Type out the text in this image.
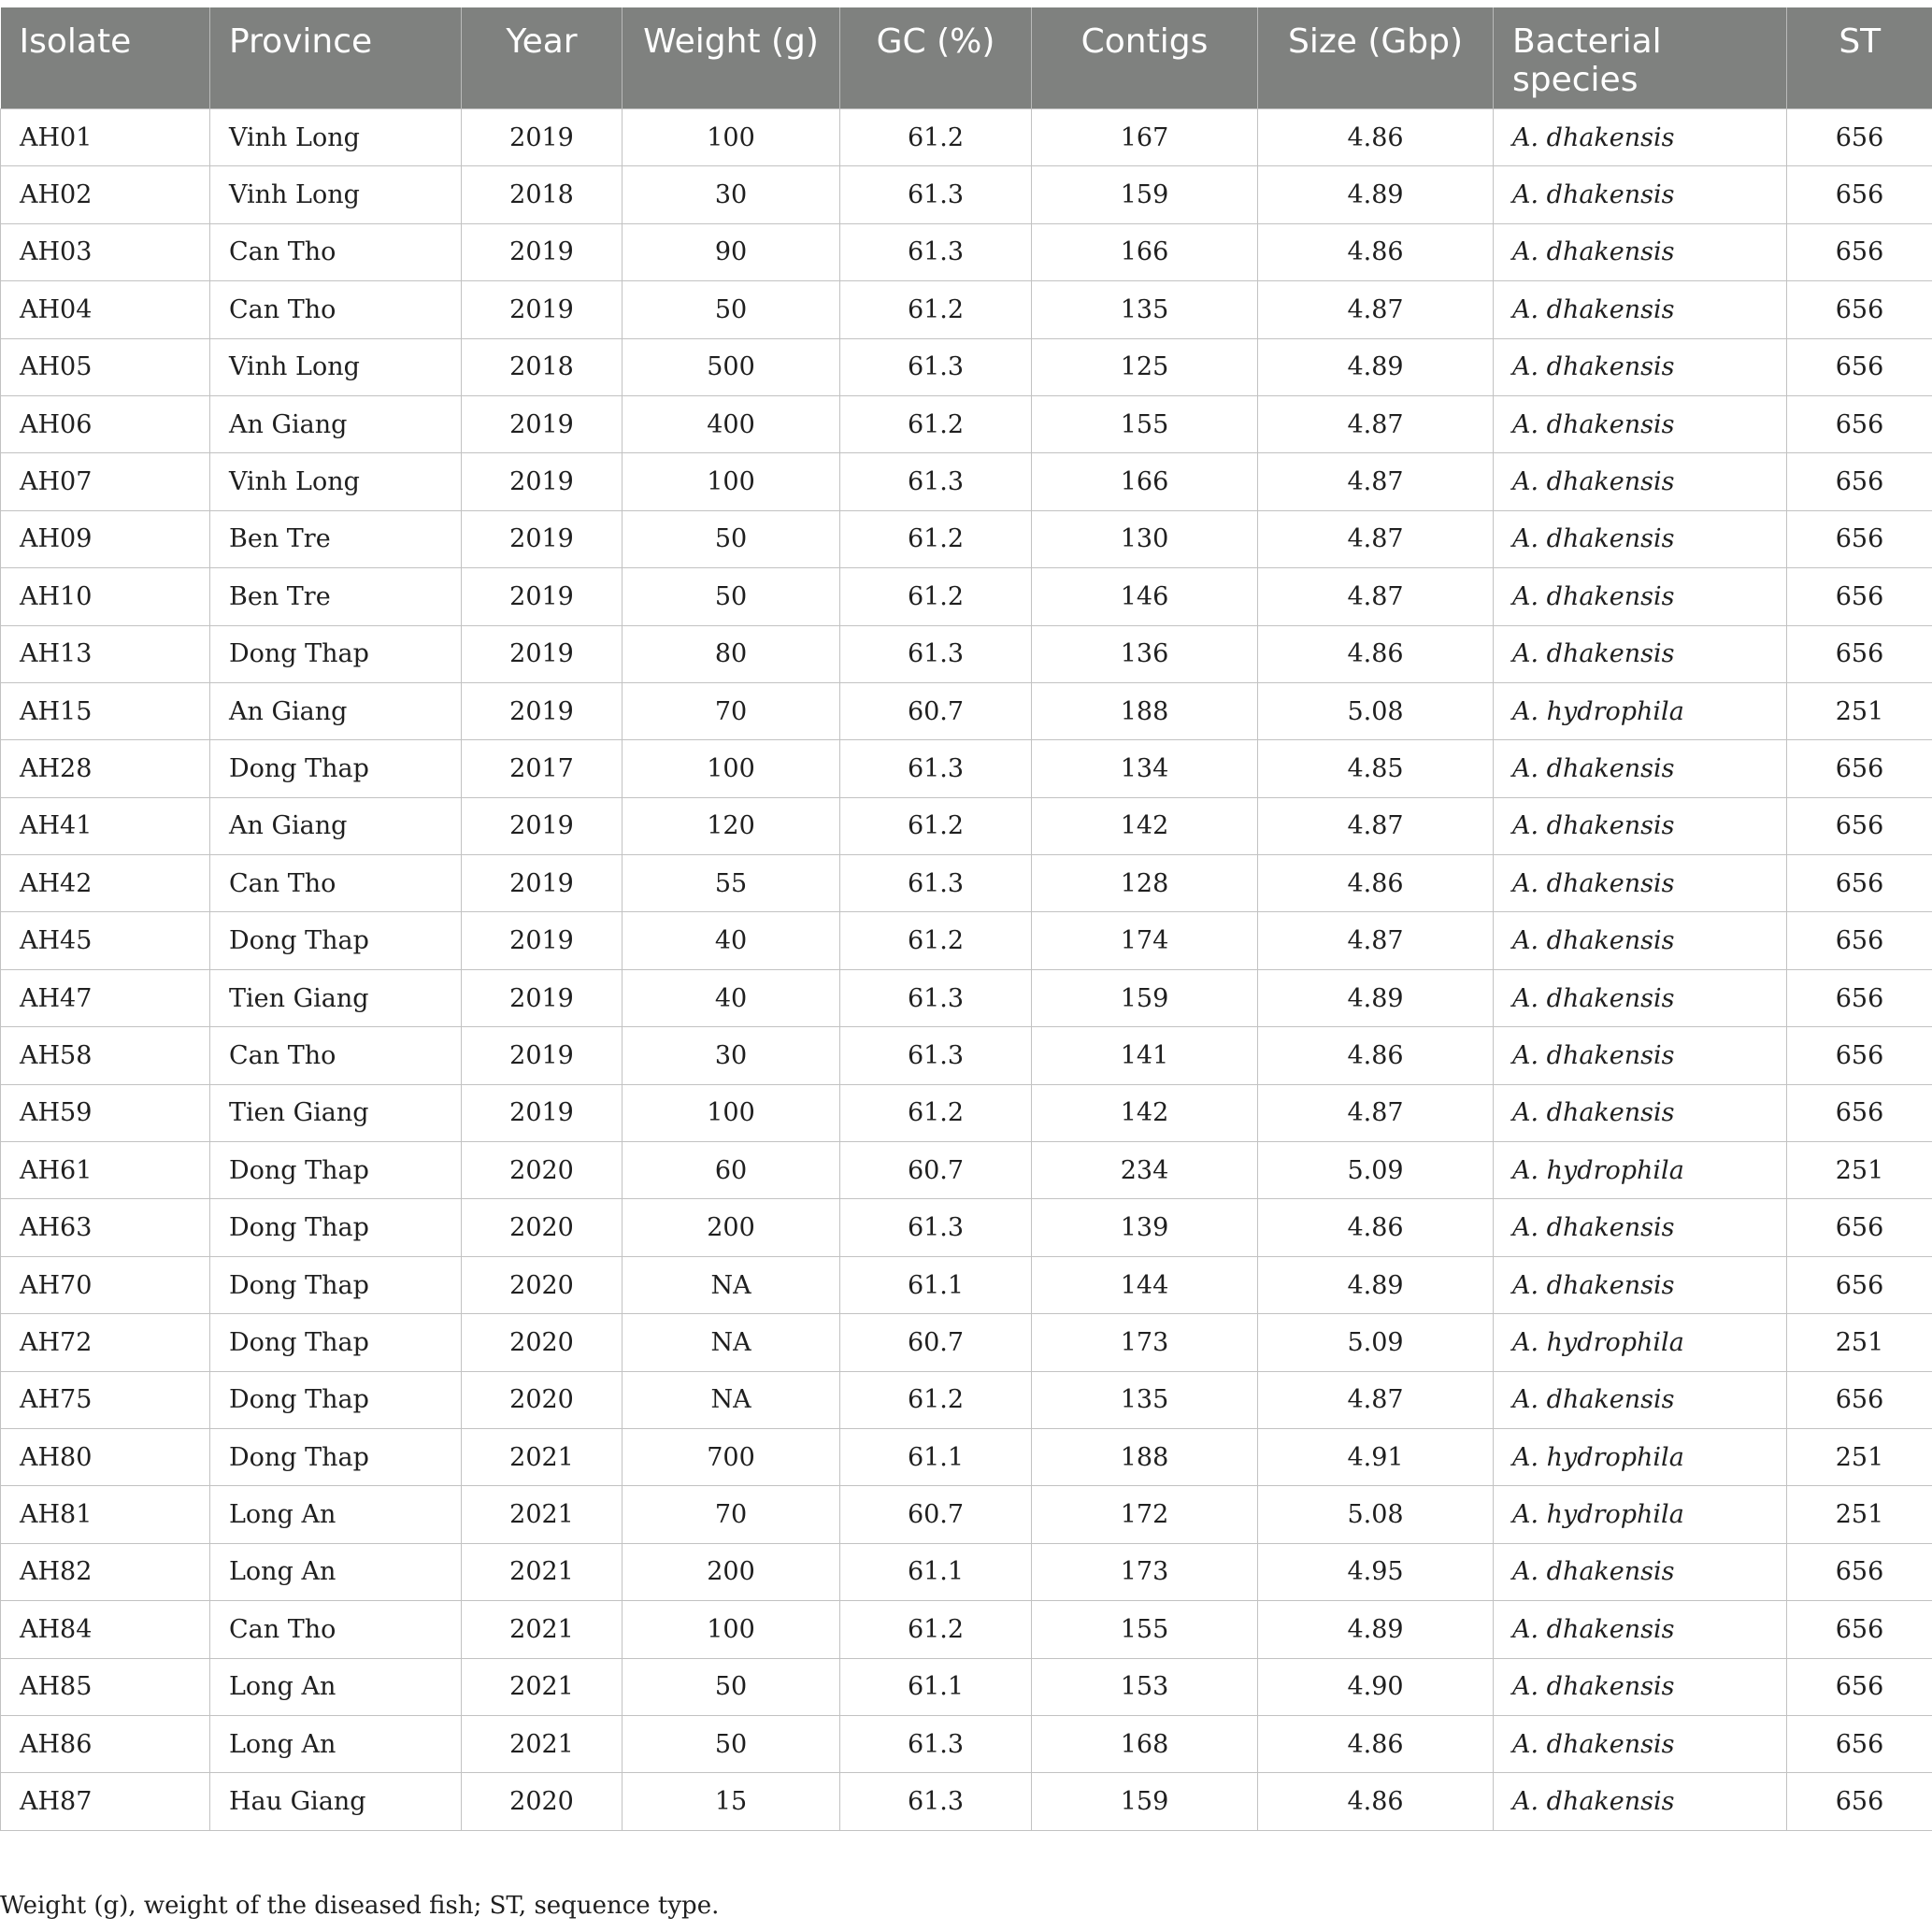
Isolate	Province	Year	Weight (g)	GC (%)	Contigs	Size (Gbp)	Bacterial species	ST
AH01	Vinh Long	2019	100	61.2	167	4.86	A. dhakensis	656
AH02	Vinh Long	2018	30	61.3	159	4.89	A. dhakensis	656
AH03	Can Tho	2019	90	61.3	166	4.86	A. dhakensis	656
AH04	Can Tho	2019	50	61.2	135	4.87	A. dhakensis	656
AH05	Vinh Long	2018	500	61.3	125	4.89	A. dhakensis	656
AH06	An Giang	2019	400	61.2	155	4.87	A. dhakensis	656
AH07	Vinh Long	2019	100	61.3	166	4.87	A. dhakensis	656
AH09	Ben Tre	2019	50	61.2	130	4.87	A. dhakensis	656
AH10	Ben Tre	2019	50	61.2	146	4.87	A. dhakensis	656
AH13	Dong Thap	2019	80	61.3	136	4.86	A. dhakensis	656
AH15	An Giang	2019	70	60.7	188	5.08	A. hydrophila	251
AH28	Dong Thap	2017	100	61.3	134	4.85	A. dhakensis	656
AH41	An Giang	2019	120	61.2	142	4.87	A. dhakensis	656
AH42	Can Tho	2019	55	61.3	128	4.86	A. dhakensis	656
AH45	Dong Thap	2019	40	61.2	174	4.87	A. dhakensis	656
AH47	Tien Giang	2019	40	61.3	159	4.89	A. dhakensis	656
AH58	Can Tho	2019	30	61.3	141	4.86	A. dhakensis	656
AH59	Tien Giang	2019	100	61.2	142	4.87	A. dhakensis	656
AH61	Dong Thap	2020	60	60.7	234	5.09	A. hydrophila	251
AH63	Dong Thap	2020	200	61.3	139	4.86	A. dhakensis	656
AH70	Dong Thap	2020	NA	61.1	144	4.89	A. dhakensis	656
AH72	Dong Thap	2020	NA	60.7	173	5.09	A. hydrophila	251
AH75	Dong Thap	2020	NA	61.2	135	4.87	A. dhakensis	656
AH80	Dong Thap	2021	700	61.1	188	4.91	A. hydrophila	251
AH81	Long An	2021	70	60.7	172	5.08	A. hydrophila	251
AH82	Long An	2021	200	61.1	173	4.95	A. dhakensis	656
AH84	Can Tho	2021	100	61.2	155	4.89	A. dhakensis	656
AH85	Long An	2021	50	61.1	153	4.90	A. dhakensis	656
AH86	Long An	2021	50	61.3	168	4.86	A. dhakensis	656
AH87	Hau Giang	2020	15	61.3	159	4.86	A. dhakensis	656
Weight (g), weight of the diseased fish; ST, sequence type.
